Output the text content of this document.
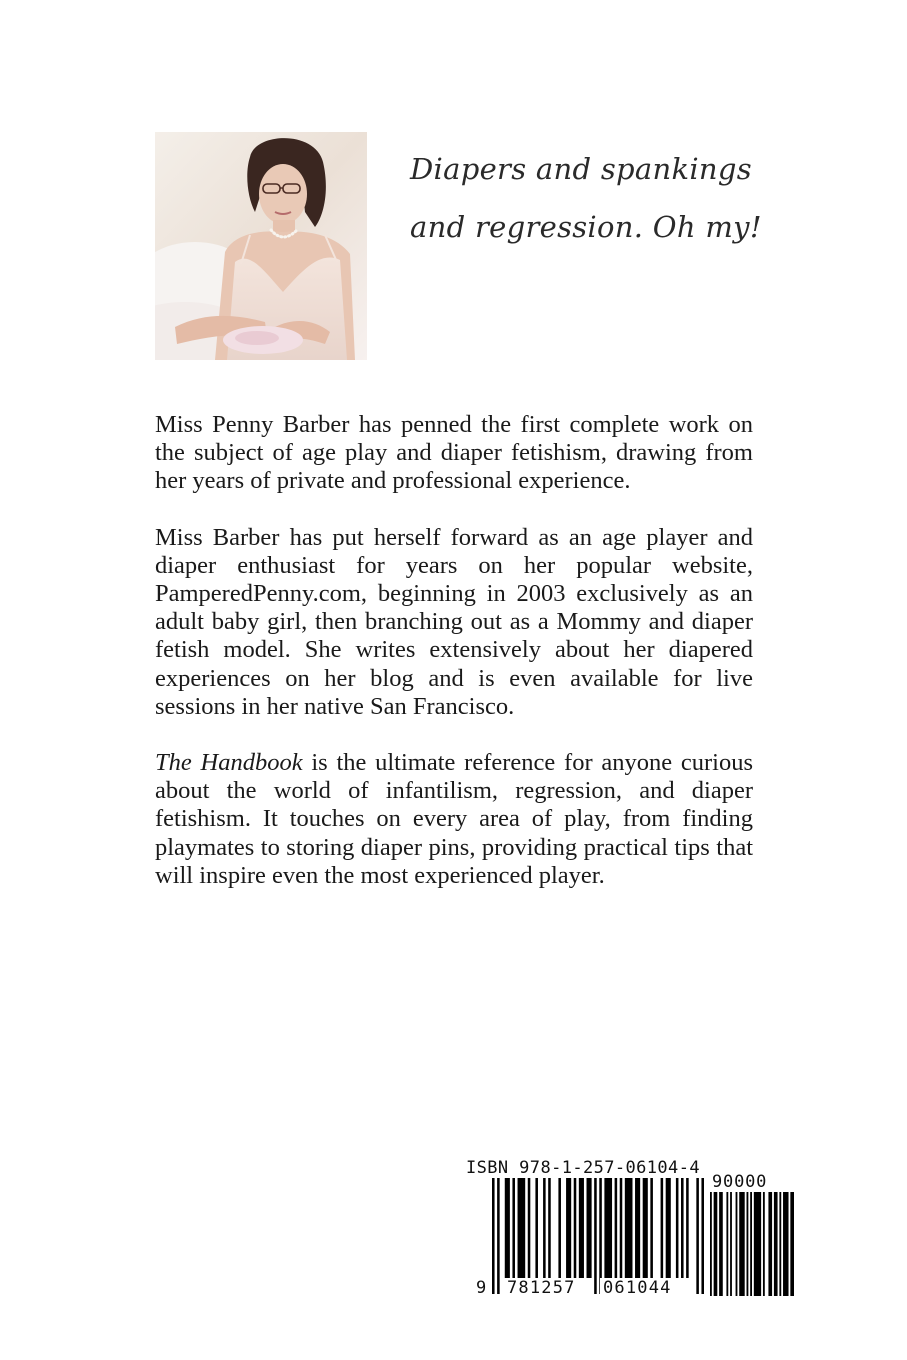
Diapers and spankings
and regression. Oh my!

Miss Penny Barber has penned the first complete work on the subject of age play and diaper fetishism, drawing from her years of private and professional experience.

Miss Barber has put herself forward as an age player and diaper enthusiast for years on her popular website, PamperedPenny.com, beginning in 2003 exclusively as an adult baby girl, then branching out as a Mommy and diaper fetish model. She writes extensively about her diapered experiences on her blog and is even available for live sessions in her native San Francisco.

The Handbook is the ultimate reference for anyone curious about the world of infantilism, regression, and diaper fetishism. It touches on every area of play, from finding playmates to storing diaper pins, providing practical tips that will inspire even the most experienced player.

ISBN 978-1-257-06104-4
90000
9 781257 061044
